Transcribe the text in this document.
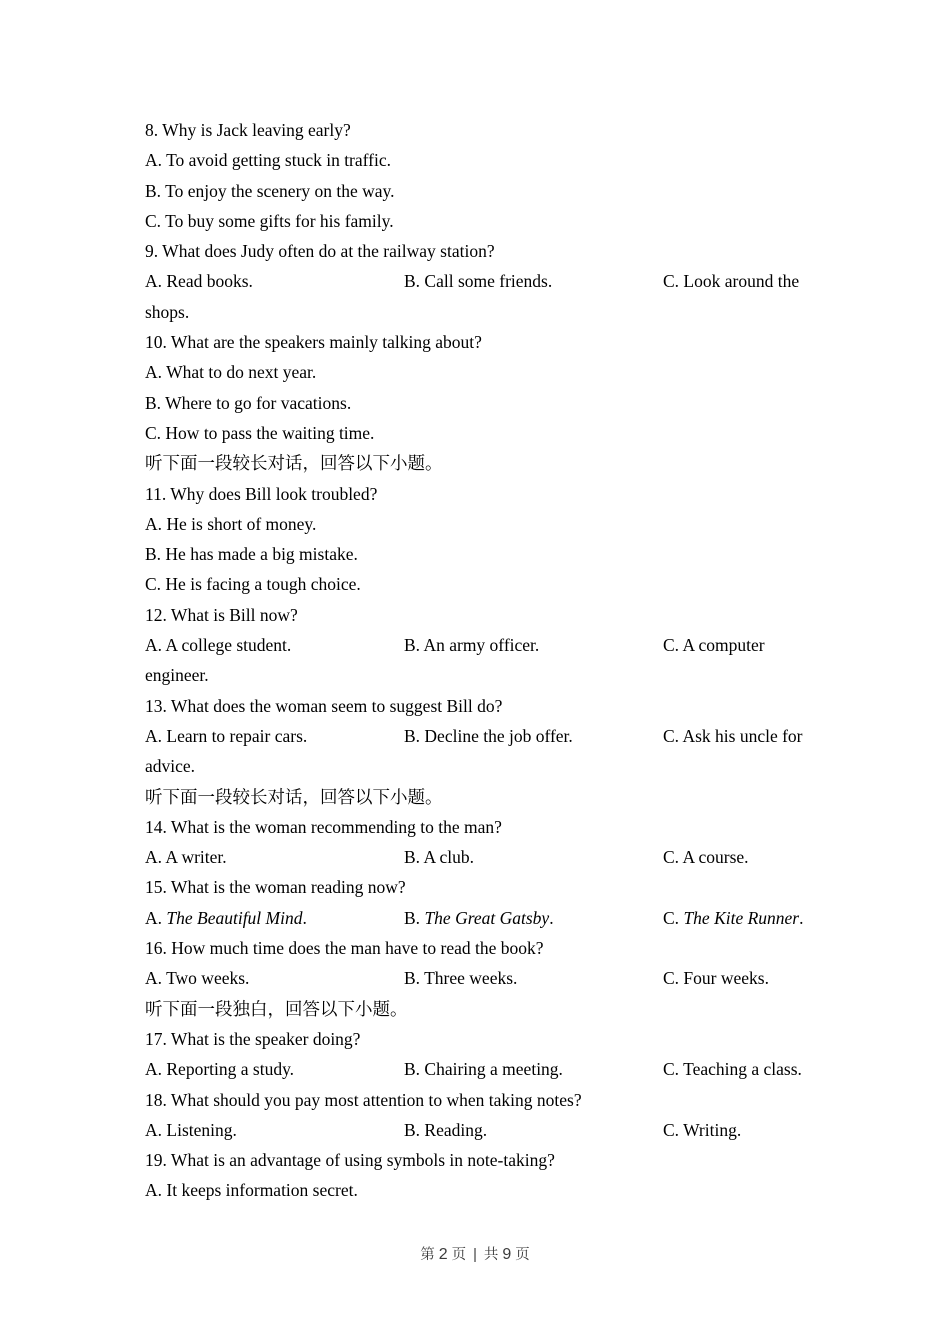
8. Why is Jack leaving early?
A. To avoid getting stuck in traffic.
B. To enjoy the scenery on the way.
C. To buy some gifts for his family.
9. What does Judy often do at the railway station?
A. Read books.	B. Call some friends.	C. Look around the
shops.
10. What are the speakers mainly talking about?
A. What to do next year.
B. Where to go for vacations.
C. How to pass the waiting time.
听下面一段较长对话，回答以下小题。
11. Why does Bill look troubled?
A. He is short of money.
B. He has made a big mistake.
C. He is facing a tough choice.
12. What is Bill now?
A. A college student.	B. An army officer.	C. A computer
engineer.
13. What does the woman seem to suggest Bill do?
A. Learn to repair cars.	B. Decline the job offer.	C. Ask his uncle for
advice.
听下面一段较长对话，回答以下小题。
14. What is the woman recommending to the man?
A. A writer.	B. A club.	C. A course.
15. What is the woman reading now?
A. The Beautiful Mind.	B. The Great Gatsby.	C. The Kite Runner.
16. How much time does the man have to read the book?
A. Two weeks.	B. Three weeks.	C. Four weeks.
听下面一段独白，回答以下小题。
17. What is the speaker doing?
A. Reporting a study.	B. Chairing a meeting.	C. Teaching a class.
18. What should you pay most attention to when taking notes?
A. Listening.	B. Reading.	C. Writing.
19. What is an advantage of using symbols in note-taking?
A. It keeps information secret.
第 2 页 | 共 9 页
